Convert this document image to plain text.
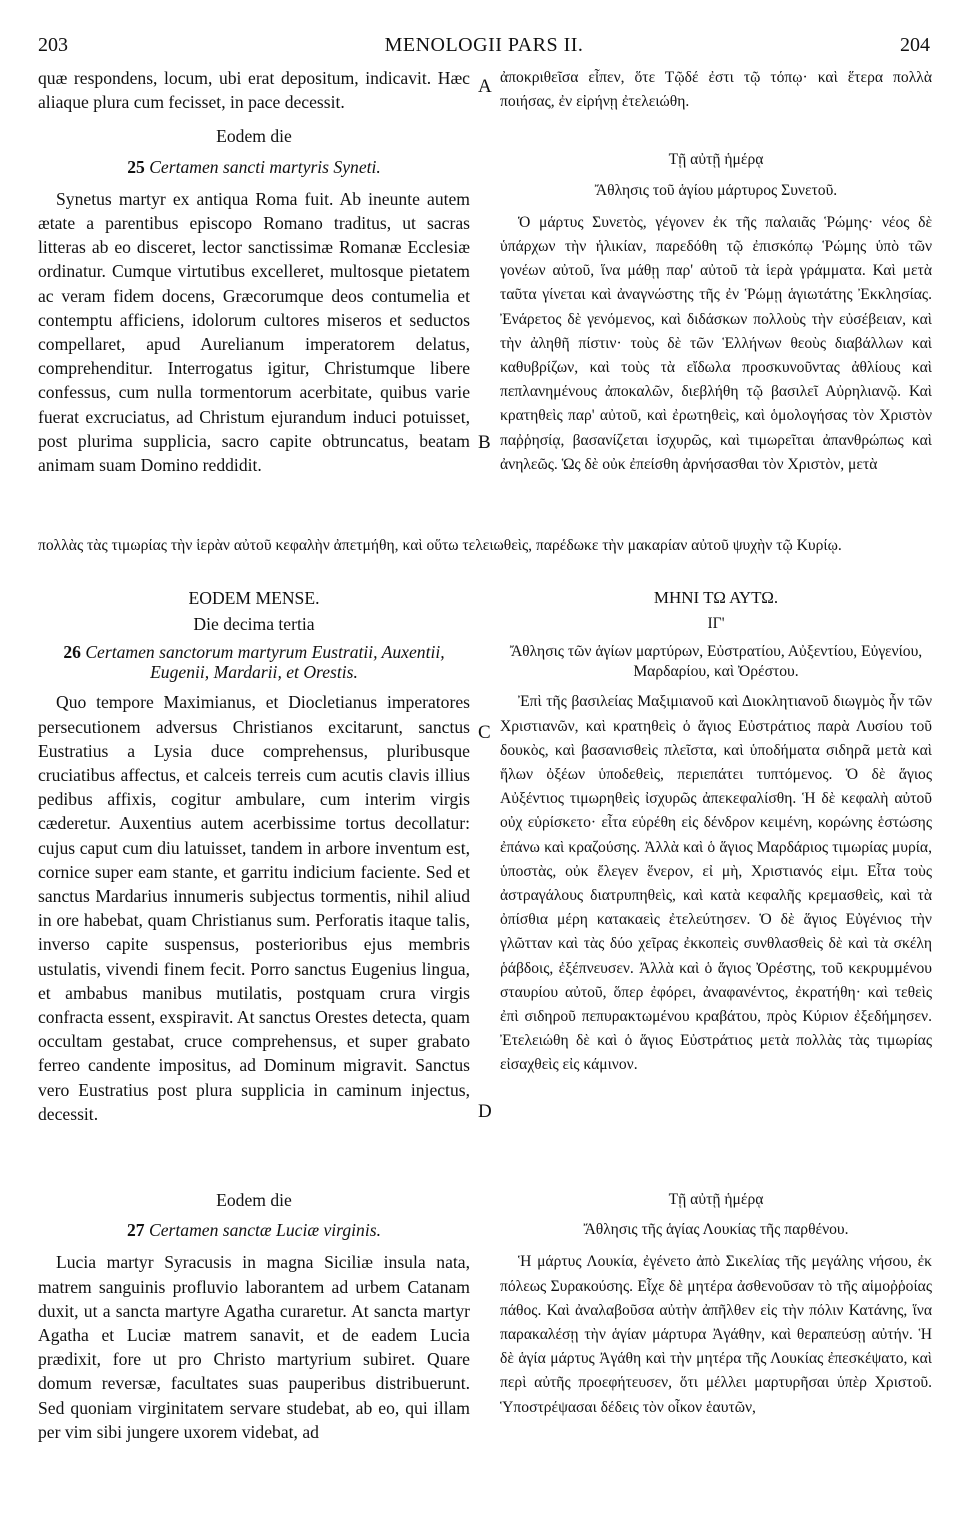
203	MENOLOGII PARS II.	204
A
B
C
D

quæ respondens, locum, ubi erat depositum, indicavit. Hæc aliaque plura cum fecisset, in pace decessit.

Eodem die

25 Certamen sancti martyris Syneti.

Synetus martyr ex antiqua Roma fuit. Ab ineunte autem ætate a parentibus episcopo Romano traditus, ut sacras litteras ab eo disceret, lector sanctissimæ Romanæ Ecclesiæ ordinatur. Cumque virtutibus excelleret, multosque pietatem ac veram fidem docens, Græcorumque deos contumelia et contemptu afficiens, idolorum cultores miseros et seductos compellaret, apud Aurelianum imperatorem delatus, comprehenditur. Interrogatus igitur, Christumque libere confessus, cum nulla tormentorum acerbitate, quibus varie fuerat excruciatus, ad Christum ejurandum induci potuisset, post plurima supplicia, sacro capite obtruncatus, beatam animam suam Domino reddidit.

ἀποκριθεῖσα εἶπεν, ὅτε Τῷδέ ἐστι τῷ τόπῳ· καὶ ἕτερα πολλὰ ποιήσας, ἐν εἰρήνῃ ἐτελειώθη.

Τῇ αὐτῇ ἡμέρᾳ

Ἄθλησις τοῦ ἁγίου μάρτυρος Συνετοῦ.

Ὁ μάρτυς Συνετὸς, γέγονεν ἐκ τῆς παλαιᾶς Ῥώμης· νέος δὲ ὑπάρχων τὴν ἡλικίαν, παρεδόθη τῷ ἐπισκόπῳ Ῥώμης ὑπὸ τῶν γονέων αὐτοῦ, ἵνα μάθῃ παρ' αὐτοῦ τὰ ἱερὰ γράμματα. Καὶ μετὰ ταῦτα γίνεται καὶ ἀναγνώστης τῆς ἐν Ῥώμῃ ἁγιωτάτης Ἐκκλησίας. Ἐνάρετος δὲ γενόμενος, καὶ διδάσκων πολλοὺς τὴν εὐσέβειαν, καὶ τὴν ἀληθῆ πίστιν· τοὺς δὲ τῶν Ἑλλήνων θεοὺς διαβάλλων καὶ καθυβρίζων, καὶ τοὺς τὰ εἴδωλα προσκυνοῦντας ἀθλίους καὶ πεπλανημένους ἀποκαλῶν, διεβλήθη τῷ βασιλεῖ Αὐρηλιανῷ. Καὶ κρατηθεὶς παρ' αὐτοῦ, καὶ ἐρωτηθεὶς, καὶ ὁμολογήσας τὸν Χριστὸν παῤῥησίᾳ, βασανίζεται ἰσχυρῶς, καὶ τιμωρεῖται ἀπανθρώπως καὶ ἀνηλεῶς. Ὡς δὲ οὐκ ἐπείσθη ἀρνήσασθαι τὸν Χριστὸν, μετὰ

πολλὰς τὰς τιμωρίας τὴν ἱερὰν αὐτοῦ κεφαλὴν ἀπετμήθη, καὶ οὕτω τελειωθεὶς, παρέδωκε τὴν μακαρίαν αὐτοῦ ψυχὴν τῷ Κυρίῳ.

EODEM MENSE.

Die decima tertia

26 Certamen sanctorum martyrum Eustratii, Auxentii, Eugenii, Mardarii, et Orestis.

Quo tempore Maximianus, et Diocletianus imperatores persecutionem adversus Christianos excitarunt, sanctus Eustratius a Lysia duce comprehensus, pluribusque cruciatibus affectus, et calceis terreis cum acutis clavis illius pedibus affixis, cogitur ambulare, cum interim virgis cæderetur. Auxentius autem acerbissime tortus decollatur: cujus caput cum diu latuisset, tandem in arbore inventum est, cornice super eam stante, et garritu indicium faciente. Sed et sanctus Mardarius innumeris subjectus tormentis, nihil aliud in ore habebat, quam Christianus sum. Perforatis itaque talis, inverso capite suspensus, posterioribus ejus membris ustulatis, vivendi finem fecit. Porro sanctus Eugenius lingua, et ambabus manibus mutilatis, postquam crura virgis confracta essent, exspiravit. At sanctus Orestes detecta, quam occultam gestabat, cruce comprehensus, et super grabato ferreo candente impositus, ad Dominum migravit. Sanctus vero Eustratius post plura supplicia in caminum injectus, decessit.

ΜΗΝΙ ΤΩ ΑΥΤΩ.

ΙΓ'

Ἄθλησις τῶν ἁγίων μαρτύρων, Εὐστρατίου, Αὐξεντίου, Εὐγενίου, Μαρδαρίου, καὶ Ὀρέστου.

Ἐπὶ τῆς βασιλείας Μαξιμιανοῦ καὶ Διοκλητιανοῦ διωγμὸς ἦν τῶν Χριστιανῶν, καὶ κρατηθεὶς ὁ ἅγιος Εὐστράτιος παρὰ Λυσίου τοῦ δουκὸς, καὶ βασανισθεὶς πλεῖστα, καὶ ὑποδήματα σιδηρᾶ μετὰ καὶ ἥλων ὀξέων ὑποδεθεὶς, περιεπάτει τυπτόμενος. Ὁ δὲ ἅγιος Αὐξέντιος τιμωρηθεὶς ἰσχυρῶς ἀπεκεφαλίσθη. Ἡ δὲ κεφαλὴ αὐτοῦ οὐχ εὑρίσκετο· εἶτα εὑρέθη εἰς δένδρον κειμένη, κορώνης ἑστώσης ἐπάνω καὶ κραζούσης. Ἀλλὰ καὶ ὁ ἅγιος Μαρδάριος τιμωρίας μυρία, ὑποστὰς, οὐκ ἔλεγεν ἕνερον, εἰ μὴ, Χριστιανός εἰμι. Εἶτα τοὺς ἀστραγάλους διατρυπηθεὶς, καὶ κατὰ κεφαλῆς κρεμασθεὶς, καὶ τὰ ὀπίσθια μέρη κατακαεὶς ἐτελεύτησεν. Ὁ δὲ ἅγιος Εὐγένιος τὴν γλῶτταν καὶ τὰς δύο χεῖρας ἐκκοπεὶς συνθλασθεὶς δὲ καὶ τὰ σκέλη ῥάβδοις, ἐξέπνευσεν. Ἀλλὰ καὶ ὁ ἅγιος Ὀρέστης, τοῦ κεκρυμμένου σταυρίου αὐτοῦ, ὅπερ ἐφόρει, ἀναφανέντος, ἐκρατήθη· καὶ τεθεὶς ἐπὶ σιδηροῦ πεπυρακτωμένου κραβάτου, πρὸς Κύριον ἐξεδήμησεν. Ἐτελειώθη δὲ καὶ ὁ ἅγιος Εὐστράτιος μετὰ πολλὰς τὰς τιμωρίας εἰσαχθεὶς εἰς κάμινον.

Eodem die

27 Certamen sanctæ Luciæ virginis.

Lucia martyr Syracusis in magna Siciliæ insula nata, matrem sanguinis profluvio laborantem ad urbem Catanam duxit, ut a sancta martyre Agatha curaretur. At sancta martyr Agatha et Luciæ matrem sanavit, et de eadem Lucia prædixit, fore ut pro Christo martyrium subiret. Quare domum reversæ, facultates suas pauperibus distribuerunt. Sed quoniam virginitatem servare studebat, ab eo, qui illam per vim sibi jungere uxorem videbat, ad

Τῇ αὐτῇ ἡμέρᾳ

Ἄθλησις τῆς ἁγίας Λουκίας τῆς παρθένου.

Ἡ μάρτυς Λουκία, ἐγένετο ἀπὸ Σικελίας τῆς μεγάλης νήσου, ἐκ πόλεως Συρακούσης. Εἶχε δὲ μητέρα ἀσθενοῦσαν τὸ τῆς αἱμοῤῥοίας πάθος. Καὶ ἀναλαβοῦσα αὐτὴν ἀπῆλθεν εἰς τὴν πόλιν Κατάνης, ἵνα παρακαλέσῃ τὴν ἁγίαν μάρτυρα Ἀγάθην, καὶ θεραπεύσῃ αὐτήν. Ἡ δὲ ἁγία μάρτυς Ἀγάθη καὶ τὴν μητέρα τῆς Λουκίας ἐπεσκέψατο, καὶ περὶ αὐτῆς προεφήτευσεν, ὅτι μέλλει μαρτυρῆσαι ὑπὲρ Χριστοῦ. Ὑποστρέψασαι δέδεις τὸν οἶκον ἑαυτῶν,
